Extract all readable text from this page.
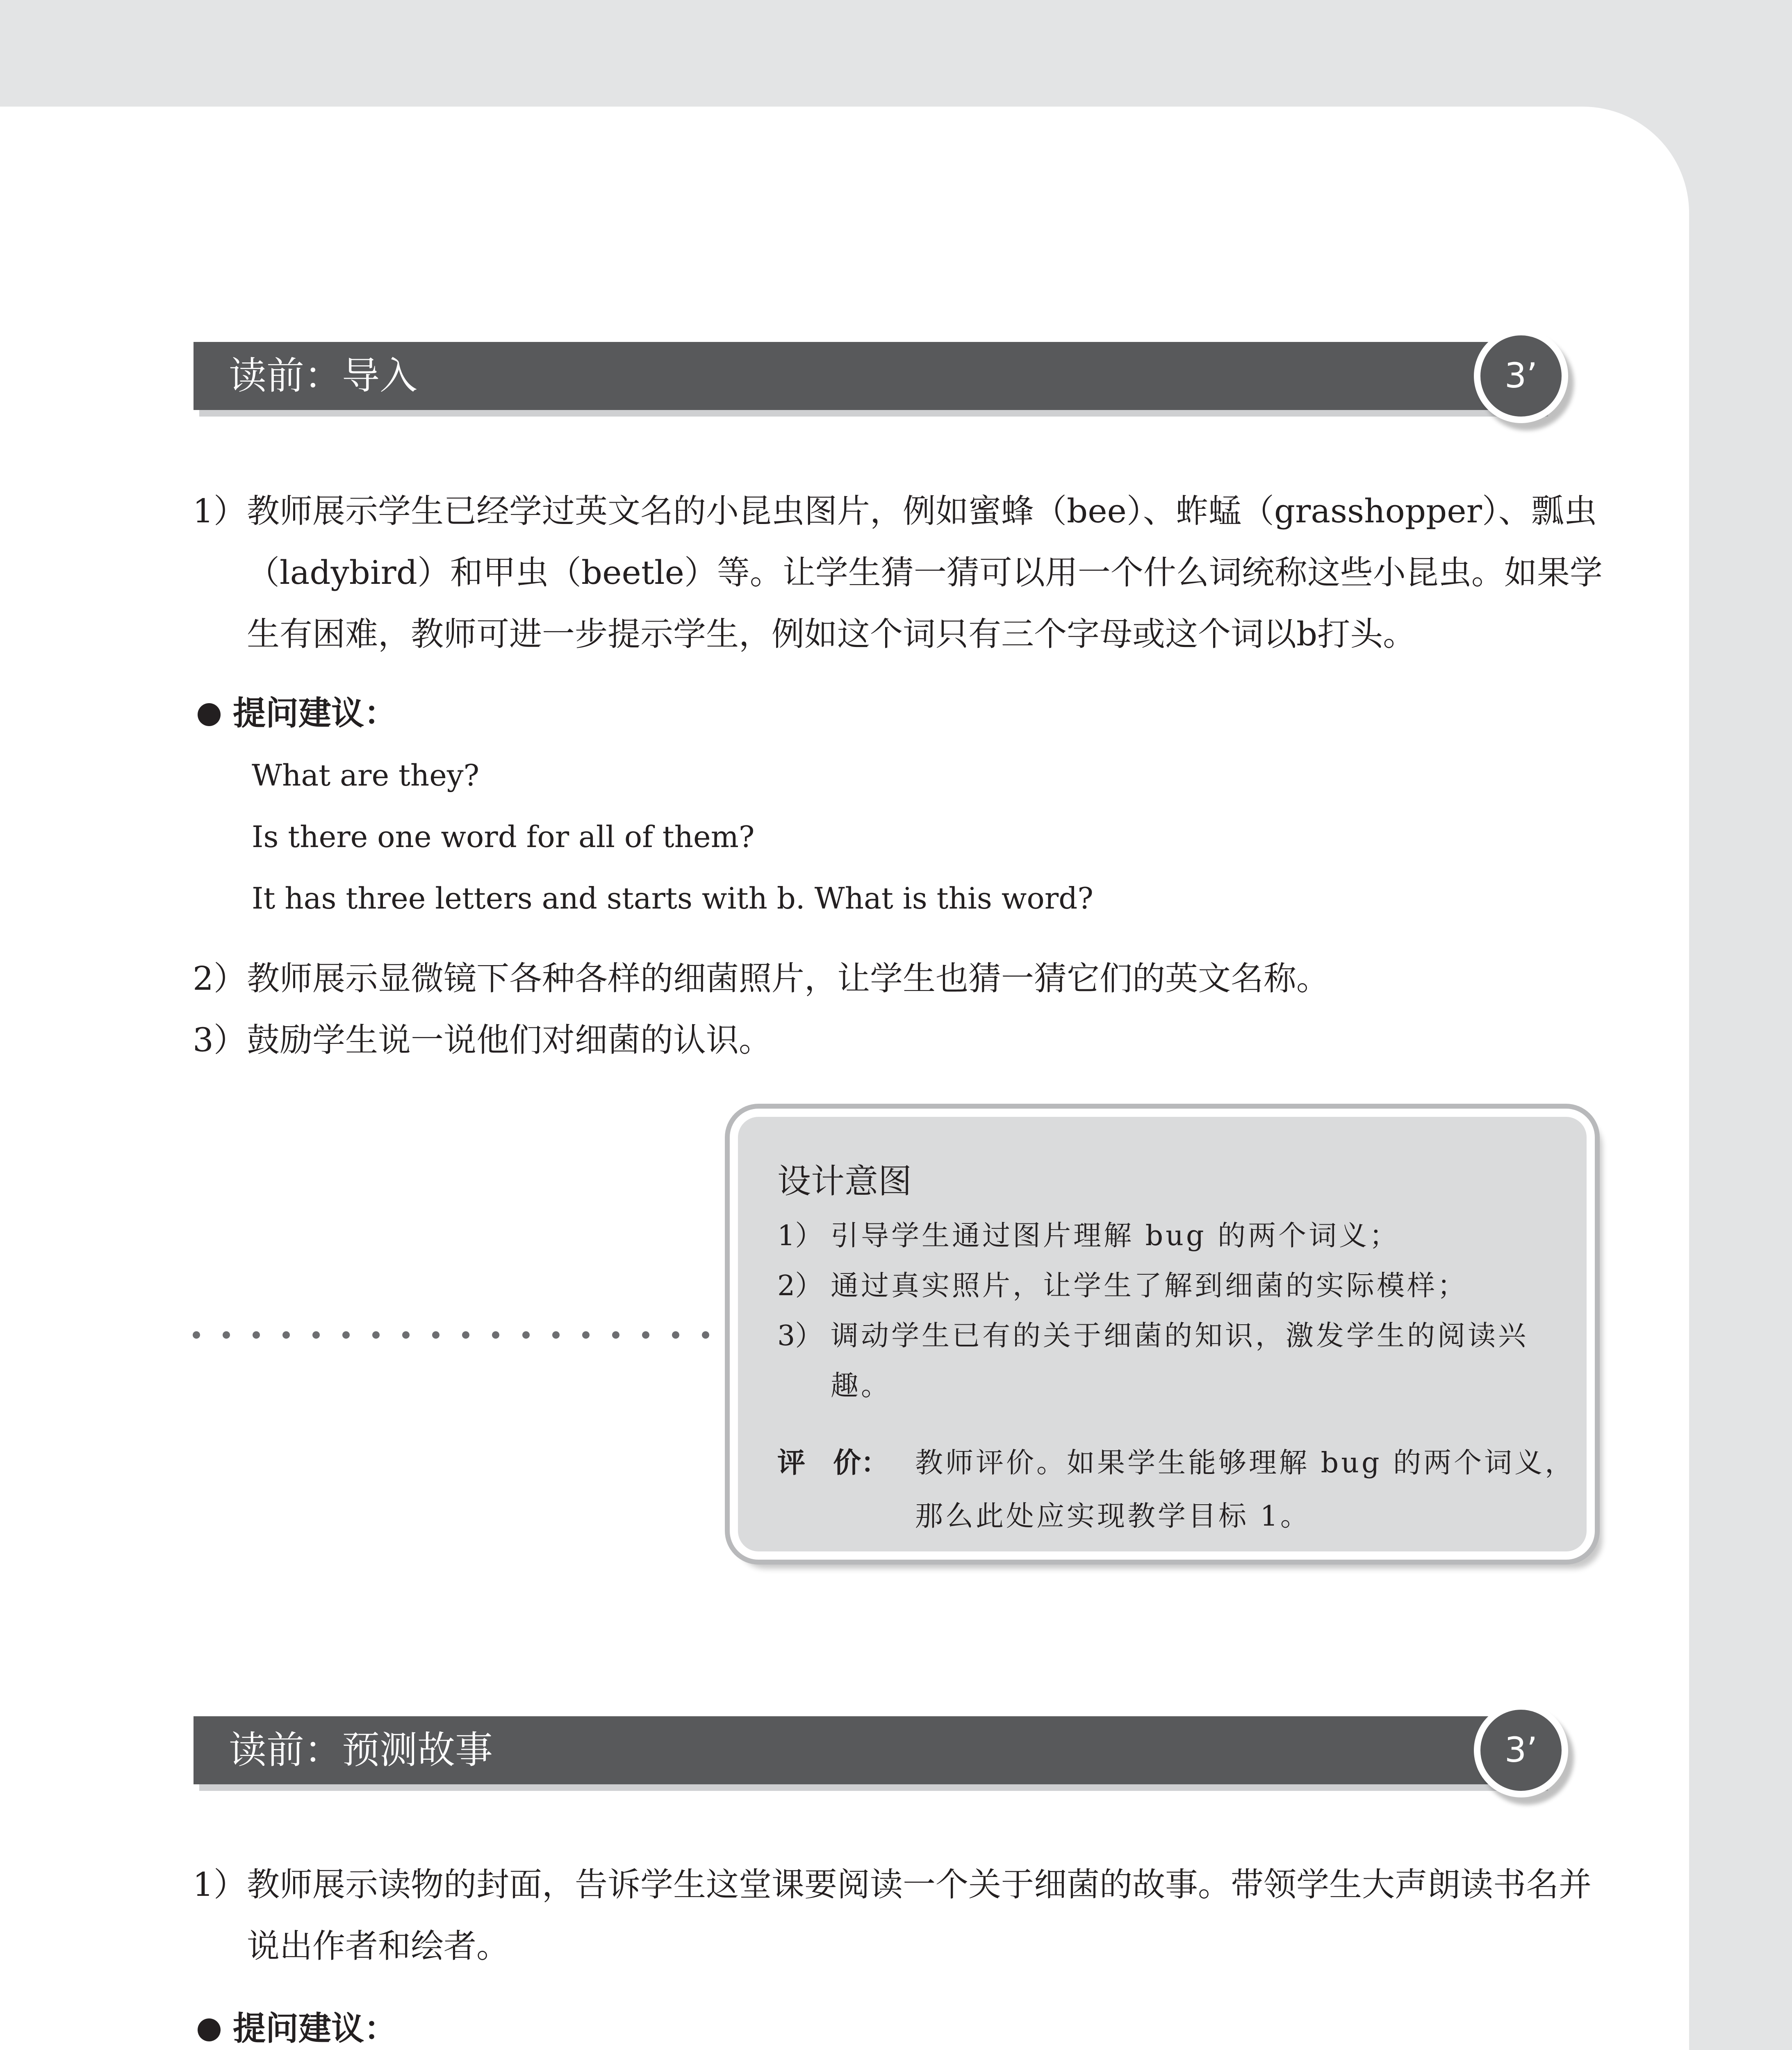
读前：导入	3’
1） 教师展示学生已经学过英文名的小昆虫图片，例如蜜蜂（bee）、蚱蜢（grasshopper）、瓢虫（ladybird）和甲虫（beetle）等。让学生猜一猜可以用一个什么词统称这些小昆虫。如果学生有困难，教师可进一步提示学生，例如这个词只有三个字母或这个词以b打头。
提问建议：
What are they?
Is there one word for all of them?
It has three letters and starts with b. What is this word?
2） 教师展示显微镜下各种各样的细菌照片，让学生也猜一猜它们的英文名称。
3） 鼓励学生说一说他们对细菌的认识。
设计意图
1） 引导学生通过图片理解 bug 的两个词义；
2） 通过真实照片，让学生了解到细菌的实际模样；
3） 调动学生已有的关于细菌的知识，激发学生的阅读兴趣。
评　价： 教师评价。如果学生能够理解 bug 的两个词义，那么此处应实现教学目标 1。
读前：预测故事	3’
1） 教师展示读物的封面，告诉学生这堂课要阅读一个关于细菌的故事。带领学生大声朗读书名并说出作者和绘者。
提问建议：
